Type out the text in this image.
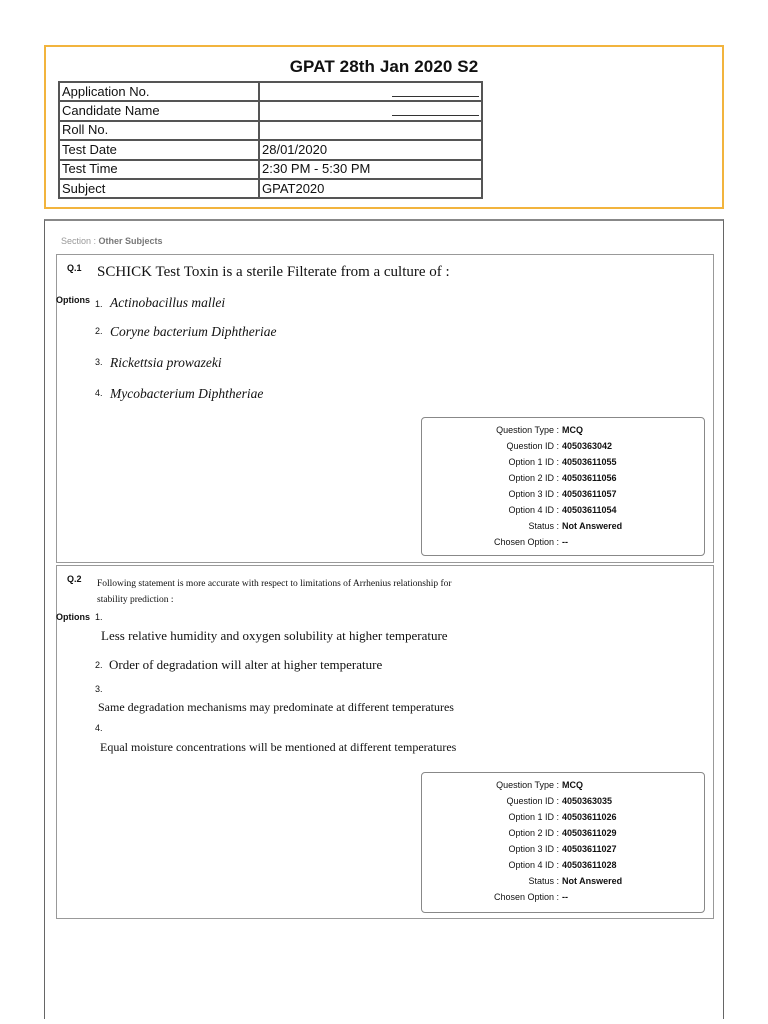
GPAT 28th Jan 2020 S2
Application No.	

Candidate Name	

Roll No.	
Test Date	28/01/2020
Test Time	2:30 PM - 5:30 PM
Subject	GPAT2020
Section : Other Subjects
Q.1 SCHICK Test Toxin is a sterile Filterate from a culture of :
Options 1. Actinobacillus mallei
2. Coryne bacterium Diphtheriae
3. Rickettsia prowazeki
4. Mycobacterium Diphtheriae
Question Type : MCQ
Question ID : 4050363042
Option 1 ID : 40503611055
Option 2 ID : 40503611056
Option 3 ID : 40503611057
Option 4 ID : 40503611054
Status : Not Answered
Chosen Option : --
Q.2 Following statement is more accurate with respect to limitations of Arrhenius relationship for
stability prediction :
Options 1.
Less relative humidity and oxygen solubility at higher temperature
2. Order of degradation will alter at higher temperature
3.
Same degradation mechanisms may predominate at different temperatures
4.
Equal moisture concentrations will be mentioned at different temperatures
Question Type : MCQ
Question ID : 4050363035
Option 1 ID : 40503611026
Option 2 ID : 40503611029
Option 3 ID : 40503611027
Option 4 ID : 40503611028
Status : Not Answered
Chosen Option : --
